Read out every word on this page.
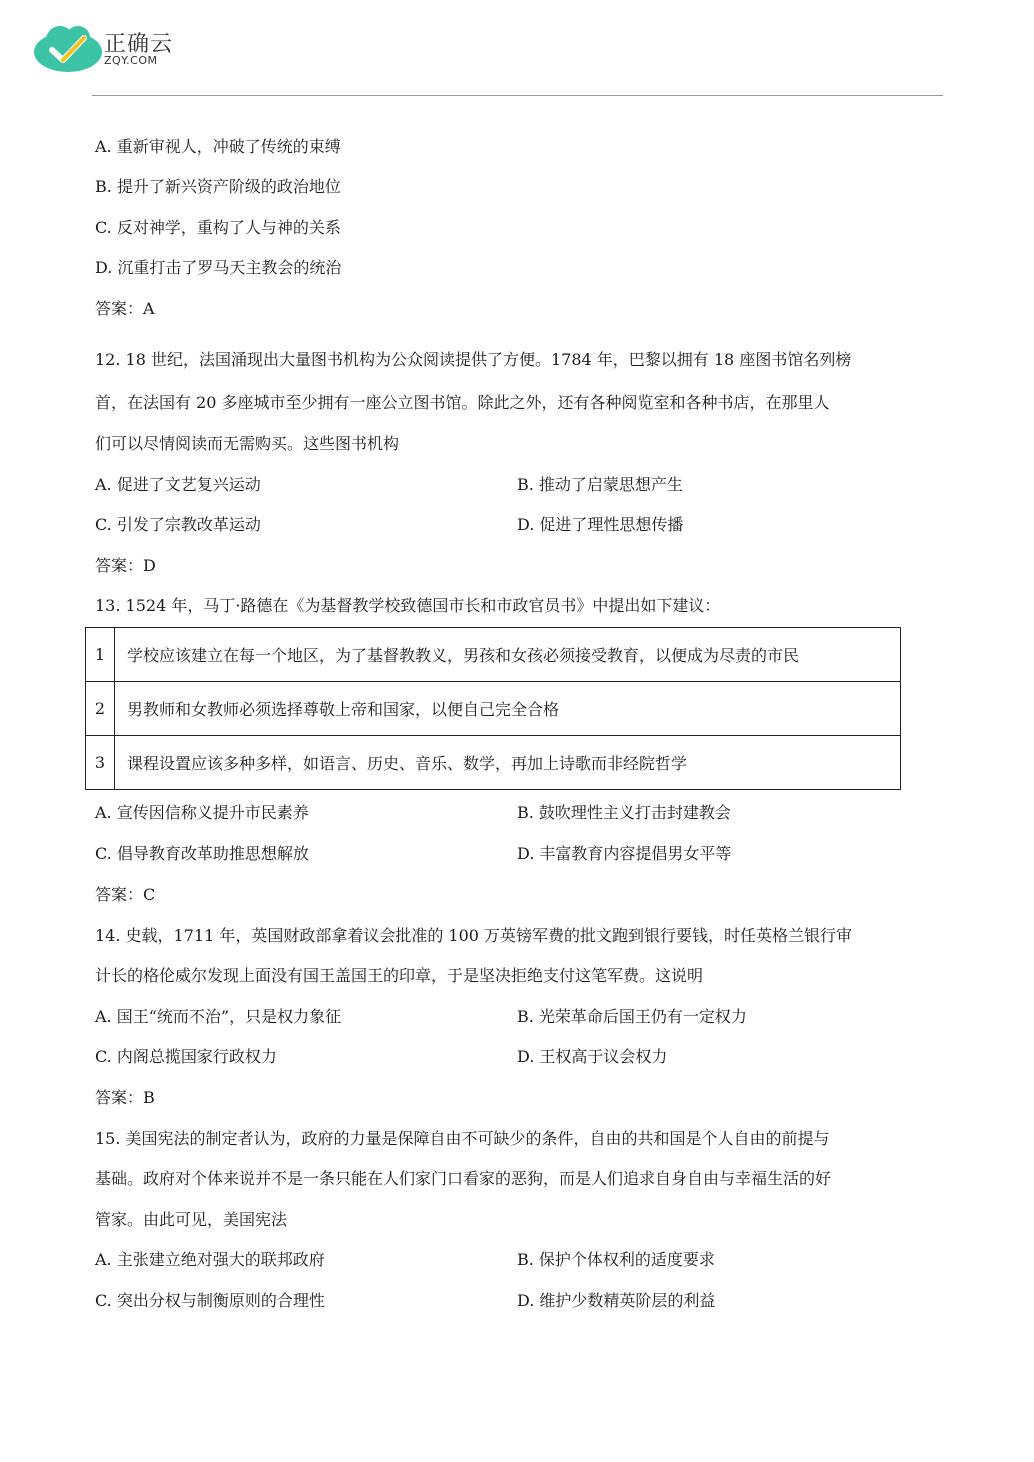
正确云
ZQY.COM
A. 重新审视人，冲破了传统的束缚
B. 提升了新兴资产阶级的政治地位
C. 反对神学，重构了人与神的关系
D. 沉重打击了罗马天主教会的统治
答案：A
12. 18 世纪，法国涌现出大量图书机构为公众阅读提供了方便。1784 年，巴黎以拥有 18 座图书馆名列榜
首，在法国有 20 多座城市至少拥有一座公立图书馆。除此之外，还有各种阅览室和各种书店，在那里人
们可以尽情阅读而无需购买。这些图书机构
A. 促进了文艺复兴运动	B. 推动了启蒙思想产生
C. 引发了宗教改革运动	D. 促进了理性思想传播
答案：D
13. 1524 年，马丁·路德在《为基督教学校致德国市长和市政官员书》中提出如下建议：
1	学校应该建立在每一个地区，为了基督教教义，男孩和女孩必须接受教育，以便成为尽责的市民
2	男教师和女教师必须选择尊敬上帝和国家，以便自己完全合格
3	课程设置应该多种多样，如语言、历史、音乐、数学，再加上诗歌而非经院哲学
A. 宣传因信称义提升市民素养	B. 鼓吹理性主义打击封建教会
C. 倡导教育改革助推思想解放	D. 丰富教育内容提倡男女平等
答案：C
14. 史载，1711 年，英国财政部拿着议会批准的 100 万英镑军费的批文跑到银行要钱，时任英格兰银行审
计长的格伦威尔发现上面没有国王盖国王的印章，于是坚决拒绝支付这笔军费。这说明
A. 国王“统而不治”，只是权力象征	B. 光荣革命后国王仍有一定权力
C. 内阁总揽国家行政权力	D. 王权高于议会权力
答案：B
15. 美国宪法的制定者认为，政府的力量是保障自由不可缺少的条件，自由的共和国是个人自由的前提与
基础。政府对个体来说并不是一条只能在人们家门口看家的恶狗，而是人们追求自身自由与幸福生活的好
管家。由此可见，美国宪法
A. 主张建立绝对强大的联邦政府	B. 保护个体权利的适度要求
C. 突出分权与制衡原则的合理性	D. 维护少数精英阶层的利益
